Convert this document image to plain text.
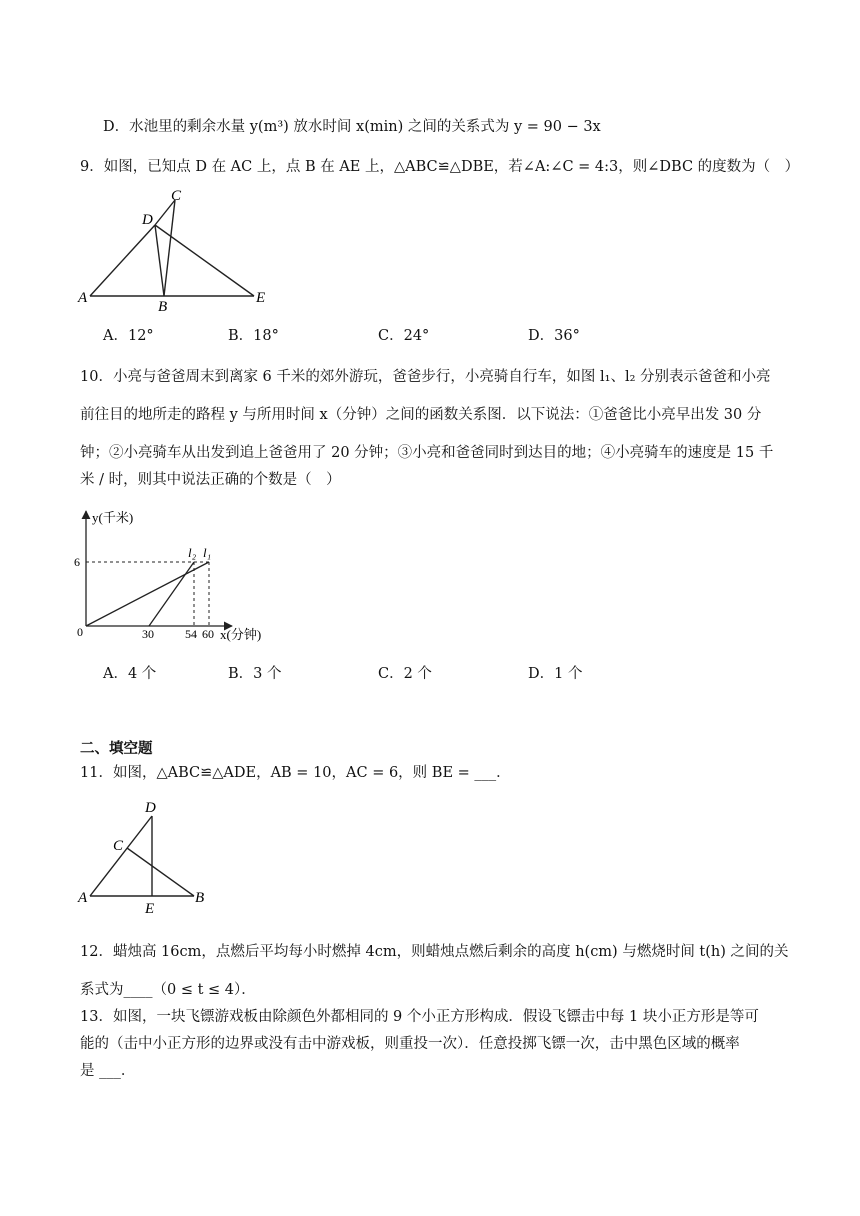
D．水池里的剩余水量 y(m³) 放水时间 x(min) 之间的关系式为 y = 90 − 3x
9．如图，已知点 D 在 AC 上，点 B 在 AE 上，△ABC≌△DBE，若∠A:∠C = 4:3，则∠DBC 的度数为（　）
C
D
A
B
E
A．12°	B．18°	C．24°	D．36°
10．小亮与爸爸周末到离家 6 千米的郊外游玩，爸爸步行，小亮骑自行车，如图 l₁、l₂ 分别表示爸爸和小亮
前往目的地所走的路程 y 与所用时间 x（分钟）之间的函数关系图．以下说法：①爸爸比小亮早出发 30 分
钟；②小亮骑车从出发到追上爸爸用了 20 分钟；③小亮和爸爸同时到达目的地；④小亮骑车的速度是 15 千
米 / 时，则其中说法正确的个数是（　）
y(千米)
x(分钟)
0
6
30	54 60
l₂ l₁
A．4 个	B．3 个	C．2 个	D．1 个
二、填空题
11．如图，△ABC≌△ADE，AB = 10，AC = 6，则 BE = ___．
D
C
A
E
B
12．蜡烛高 16cm，点燃后平均每小时燃掉 4cm，则蜡烛点燃后剩余的高度 h(cm) 与燃烧时间 t(h) 之间的关
系式为____（0 ≤ t ≤ 4）．
13．如图，一块飞镖游戏板由除颜色外都相同的 9 个小正方形构成．假设飞镖击中每 1 块小正方形是等可
能的（击中小正方形的边界或没有击中游戏板，则重投一次）．任意投掷飞镖一次，击中黑色区域的概率
是 ___．
